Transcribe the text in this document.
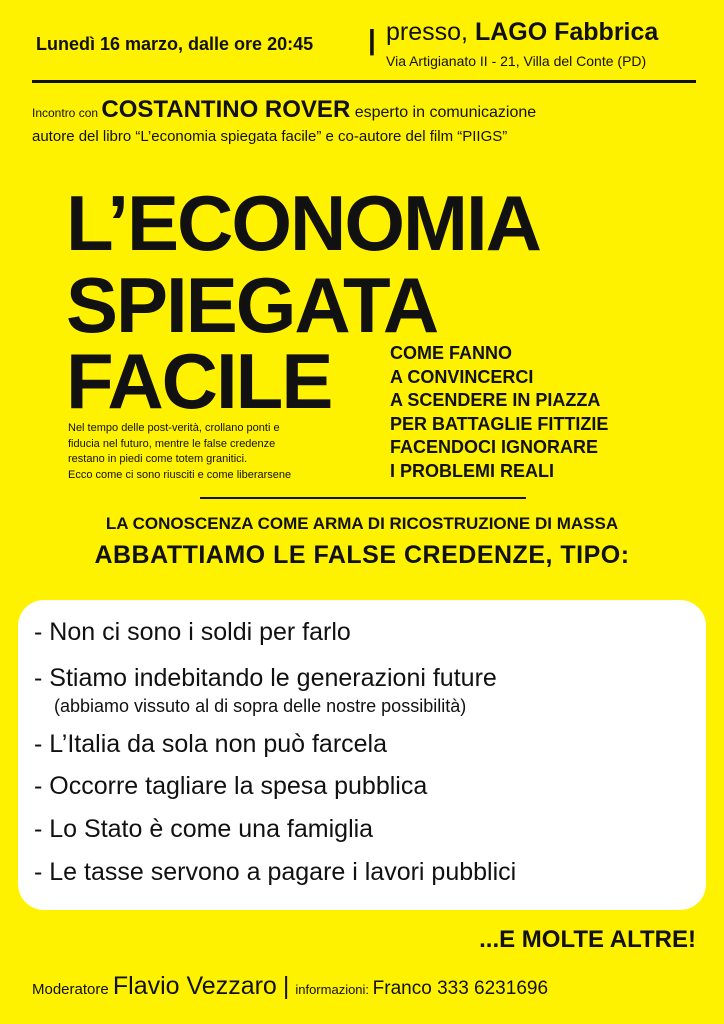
Lunedì 16 marzo, dalle ore 20:45 | presso, LAGO Fabbrica
Via Artigianato II - 21, Villa del Conte (PD)
Incontro con COSTANTINO ROVER esperto in comunicazione
autore del libro “L’economia spiegata facile” e co-autore del film “PIIGS”
L’ECONOMIA
SPIEGATA
FACILE	COME FANNO
A CONVINCERCI
A SCENDERE IN PIAZZA
PER BATTAGLIE FITTIZIE
FACENDOCI IGNORARE
I PROBLEMI REALI
Nel tempo delle post-verità, crollano ponti e
fiducia nel futuro, mentre le false credenze
restano in piedi come totem granitici.
Ecco come ci sono riusciti e come liberarsene
LA CONOSCENZA COME ARMA DI RICOSTRUZIONE DI MASSA
ABBATTIAMO LE FALSE CREDENZE, TIPO:
- Non ci sono i soldi per farlo
- Stiamo indebitando le generazioni future
(abbiamo vissuto al di sopra delle nostre possibilità)
- L’Italia da sola non può farcela
- Occorre tagliare la spesa pubblica
- Lo Stato è come una famiglia
- Le tasse servono a pagare i lavori pubblici
...E MOLTE ALTRE!
Moderatore Flavio Vezzaro | informazioni: Franco 333 6231696
